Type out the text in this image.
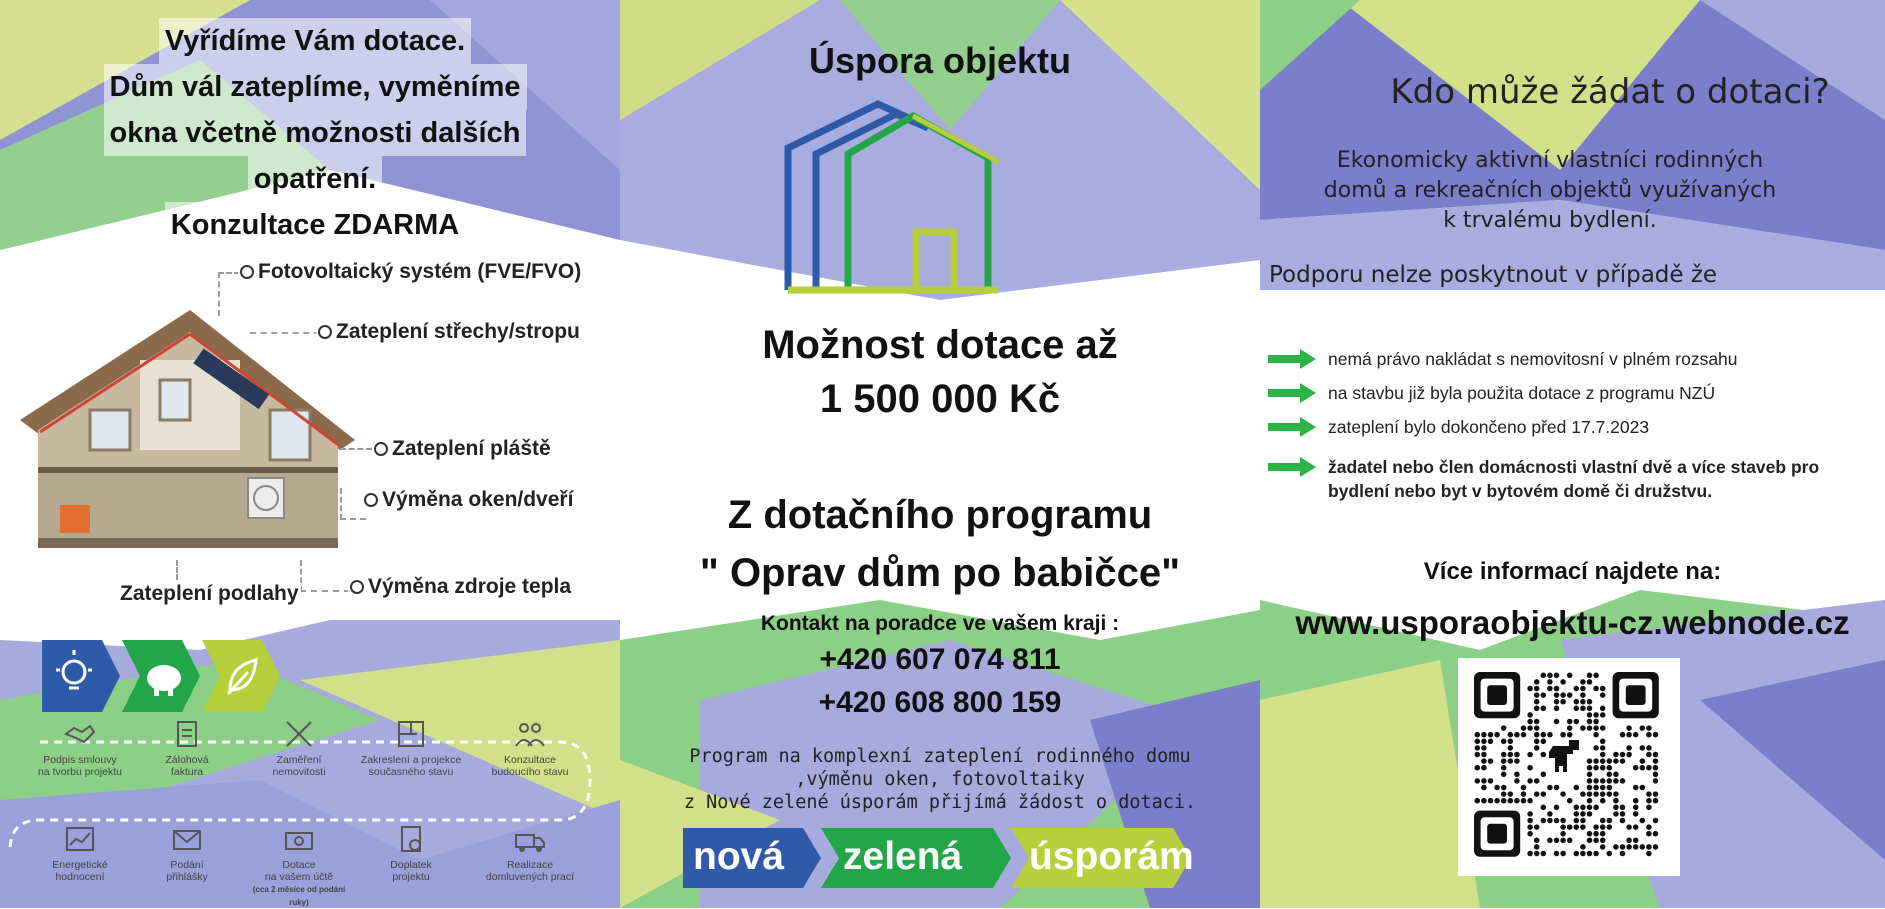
Vyřídíme Vám dotace.
Dům vál zateplíme, vyměníme
okna včetně možnosti dalších
opatření.
Konzultace ZDARMA
Fotovoltaický systém (FVE/FVO)
Zateplení střechy/stropu
Zateplení pláště
Výměna oken/dveří
Zateplení podlahy	Výměna zdroje tepla
Podpis smlouvy
na tvorbu projektu
Zálohová
faktura
Zaměření
nemovitosti
Zakreslení a projekce
současného stavu
Konzultace
budoucího stavu
Energetické
hodnocení
Podání
přihlášky
Dotace
na vašem účtě
(cca 2 měsíce od podání ruky)
Doplatek
projektu
Realizace
domluvených prací
Úspora objektu
Možnost dotace až
1 500 000 Kč
Z dotačního programu
" Oprav dům po babičce"
Kontakt na poradce ve vašem kraji :
+420 607 074 811
+420 608 800 159
Program na komplexní zateplení rodinného domu
,výměnu oken, fotovoltaiky
z Nové zelené úsporám přijímá žádost o dotaci.
nová zelená úsporám
Kdo může žádat o dotaci?
Ekonomicky aktivní vlastníci rodinných
domů a rekreačních objektů využívaných
k trvalému bydlení.
Podporu nelze poskytnout v případě že
nemá právo nakládat s nemovitosní v plném rozsahu
na stavbu již byla použita dotace z programu NZÚ
zateplení bylo dokončeno před 17.7.2023
žadatel nebo člen domácnosti vlastní dvě a více staveb pro
bydlení nebo byt v bytovém domě či družstvu.
Více informací najdete na:
www.usporaobjektu-cz.webnode.cz
